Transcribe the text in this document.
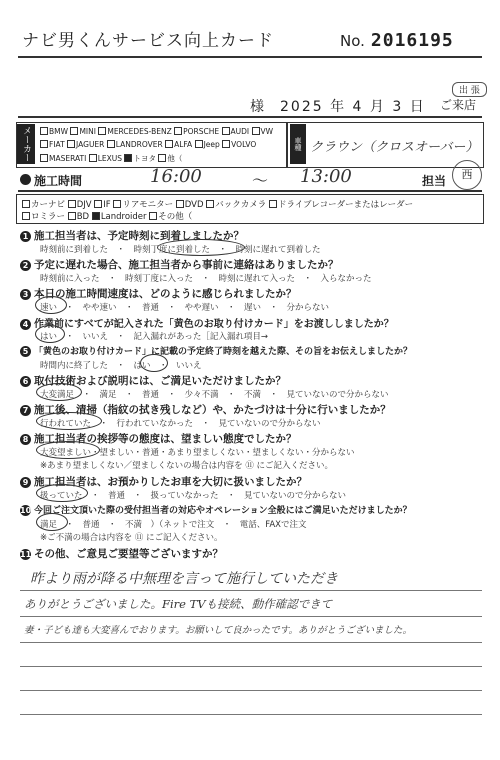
ナビ男くんサービス向上カード	No. 2016195
出 張
様 2025 年 4 月 3 日 ご来店
メーカー	BMW MINI MERCEDES-BENZ PORSCHE AUDI VW
FIAT JAGUER LANDROVER ALFA Jeep VOLVO
MASERATI LEXUS トヨタ 他（
車種 クラウン（クロスオーバー）
施工時間	16:00	〜 13:00	担当	西
カーナビ DJV IF リアモニター DVD バックカメラ ドライブレコーダーまたはレーダー
ロミラー BD Landroider その他（
1 施工担当者は、予定時刻に到着しましたか？
時刻前に到着した　・　時刻丁度に到着した　・　時刻に遅れて到着した
2 予定に遅れた場合、施工担当者から事前に連絡はありましたか？
時刻前に入った　・　時刻丁度に入った　・　時刻に遅れて入った　・　入らなかった
3 本日の施工時間速度は、どのように感じられましたか？
速い　・　やや速い　・　普通　・　やや遅い　・　遅い　・　分からない
4 作業前にすべてが記入された「黄色のお取り付けカード」をお渡ししましたか？
はい　・　いいえ　・　記入漏れがあった［記入漏れ項目→
5 「黄色のお取り付けカード」に記載の予定終了時刻を越えた際、その旨をお伝えしましたか？
時間内に終了した　・　はい　・　いいえ
6 取付技術および説明には、ご満足いただけましたか？
大変満足　・　満足　・　普通　・　少々不満　・　不満　・　見ていないので分からない
7 施工後、清掃（指紋の拭き残しなど）や、かたづけは十分に行いましたか？
行われていた　・　行われていなかった　・　見ていないので分からない
8 施工担当者の挨拶等の態度は、望ましい態度でしたか？
大変望ましい・望ましい・普通・あまり望ましくない・望ましくない・分からない
※あまり望ましくない／望ましくないの場合は内容を ⑪ にご記入ください。
9 施工担当者は、お預かりしたお車を大切に扱いましたか？
扱っていた　・　普通　・　扱っていなかった　・　見ていないので分からない
10 今回ご注文頂いた際の受付担当者の対応やオペレーション全般にはご満足いただけましたか？
満足　・　普通　・　不満　）（ネットで注文　・　電話、FAXで注文
※ご不満の場合は内容を ⑪ にご記入ください。
11 その他、ご意見ご要望等ございますか？
昨より雨が降る中無理を言って施行していただき
ありがとうございました。Fire TVも接続、動作確認できて
妻・子ども達も大変喜んでおります。お願いして良かったです。ありがとうございました。
